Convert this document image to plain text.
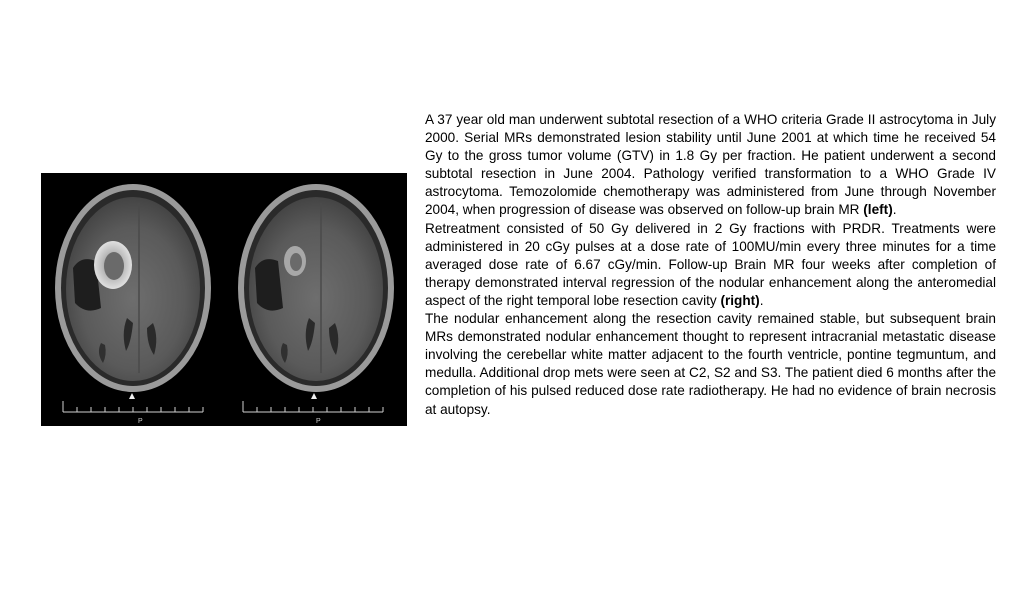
P	P

A 37 year old man underwent subtotal resection of a WHO criteria Grade II astrocytoma in July 2000. Serial MRs demonstrated lesion stability until June 2001 at which time he received 54 Gy to the gross tumor volume (GTV) in 1.8 Gy per fraction. He patient underwent a second subtotal resection in June 2004. Pathology verified transformation to a WHO Grade IV astrocytoma. Temozolomide chemotherapy was administered from June through November 2004, when progression of disease was observed on follow-up brain MR (left).

Retreatment consisted of 50 Gy delivered in 2 Gy fractions with PRDR. Treatments were administered in 20 cGy pulses at a dose rate of 100MU/min every three minutes for a time averaged dose rate of 6.67 cGy/min. Follow-up Brain MR four weeks after completion of therapy demonstrated interval regression of the nodular enhancement along the anteromedial aspect of the right temporal lobe resection cavity (right).

The nodular enhancement along the resection cavity remained stable, but subsequent brain MRs demonstrated nodular enhancement thought to represent intracranial metastatic disease involving the cerebellar white matter adjacent to the fourth ventricle, pontine tegmuntum, and medulla. Additional drop mets were seen at C2, S2 and S3. The patient died 6 months after the completion of his pulsed reduced dose rate radiotherapy. He had no evidence of brain necrosis at autopsy.
